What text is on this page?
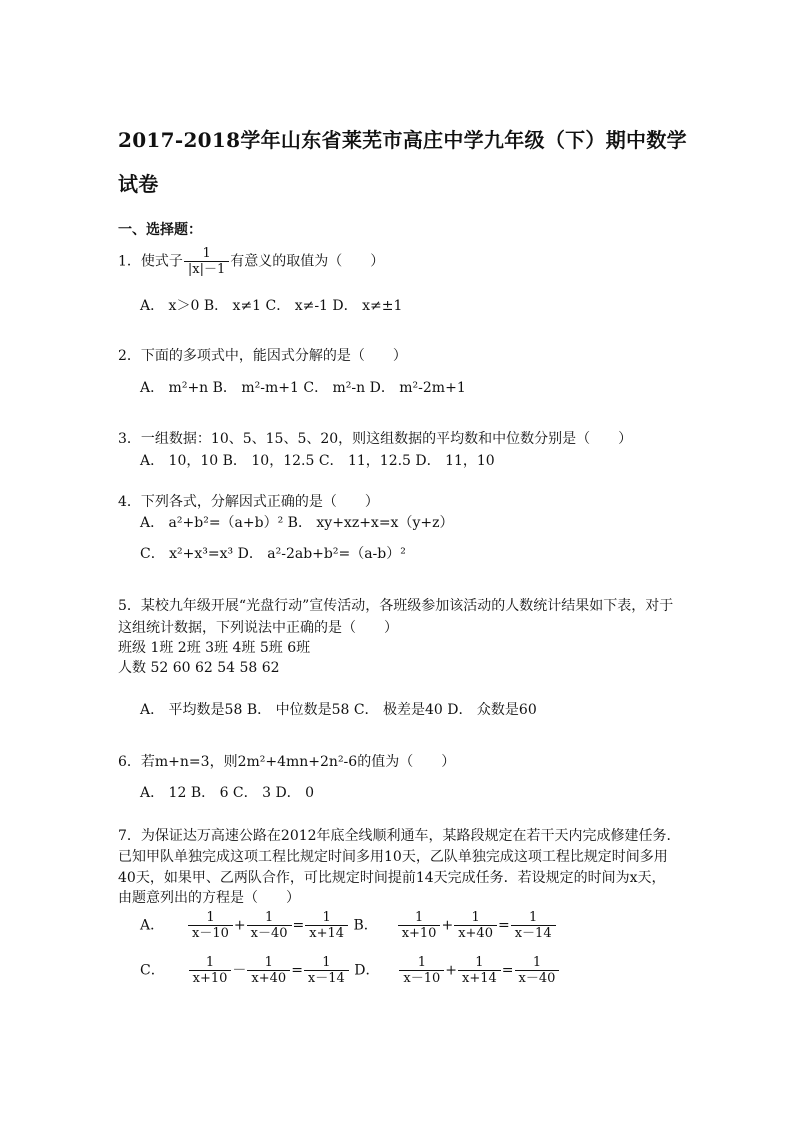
2017-2018学年山东省莱芜市高庄中学九年级（下）期中数学试卷
一、选择题：
1．使式子 $\frac{1}{|x|-1}$ 有意义的取值为（　　）
A． x＞0 B． x≠1 C． x≠-1 D． x≠±1
2．下面的多项式中，能因式分解的是（　　）
A． m²+n B． m²-m+1 C． m²-n D． m²-2m+1
3．一组数据：10、5、15、5、20，则这组数据的平均数和中位数分别是（　　）
A． 10，10 B． 10，12.5 C． 11，12.5 D． 11，10
4．下列各式，分解因式正确的是（　　）
A． a²+b²=（a+b）² B． xy+xz+x=x（y+z）
C． x²+x³=x³ D． a²-2ab+b²=（a-b）²
5．某校九年级开展“光盘行动”宣传活动，各班级参加该活动的人数统计结果如下表，对于
这组统计数据，下列说法中正确的是（　　）
班级 1班 2班 3班 4班 5班 6班
人数 52 60 62 54 58 62
A． 平均数是58 B． 中位数是58 C． 极差是40 D． 众数是60
6．若m+n=3，则2m²+4mn+2n²-6的值为（　　）
A． 12 B． 6 C． 3 D． 0
7．为保证达万高速公路在2012年底全线顺利通车，某路段规定在若干天内完成修建任务．
已知甲队单独完成这项工程比规定时间多用10天，乙队单独完成这项工程比规定时间多用
40天，如果甲、乙两队合作，可比规定时间提前14天完成任务．若设规定的时间为x天，
由题意列出的方程是（　　）
A． $\frac{1}{x-10} + \frac{1}{x-40} = \frac{1}{x+14}$ B． $\frac{1}{x+10} + \frac{1}{x+40} = \frac{1}{x-14}$
C． $\frac{1}{x+10} - \frac{1}{x+40} = \frac{1}{x-14}$ D． $\frac{1}{x-10} + \frac{1}{x+14} = \frac{1}{x-40}$
